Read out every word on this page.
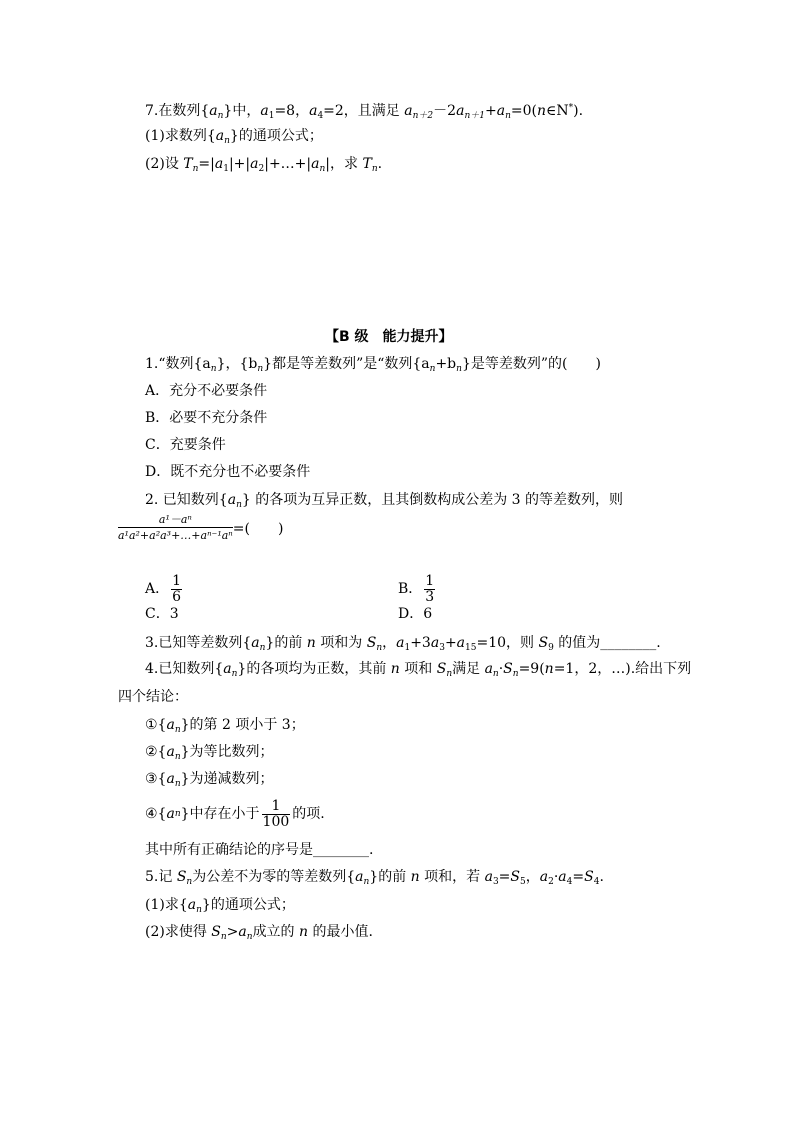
7.在数列$\{a_n\}$中，$a_1=8$，$a_4=2$，且满足 $a_{n+2}-2a_{n+1}+a_n=0(n\in N^*)$.
(1)求数列$\{a_n\}$的通项公式；
(2)设 $T_n=|a_1|+|a_2|+\dots+|a_n|$，求 $T_n$.
【B 级　能力提升】
1.“数列$\{a_n\}$，$\{b_n\}$都是等差数列”是“数列$\{a_n+b_n\}$是等差数列”的(　　)
A．充分不必要条件
B．必要不充分条件
C．充要条件
D．既不充分也不必要条件
2. 已知数列$\{a_n\}$ 的各项为互异正数，且其倒数构成公差为 3 的等差数列，则
$\frac{\text{a¹－aⁿ}}{\text{a¹a²+a²a³+…+aⁿ⁻¹aⁿ}}$ =(　　)
A． $\frac{1}{6}$	B． $\frac{1}{3}$
C．3	D．6
3.已知等差数列$\{a_n\}$的前 n 项和为 $S_n$，$a_1+3a_3+a_{15}=10$，则 $S_9$ 的值为________.
4.已知数列$\{a_n\}$的各项均为正数，其前 n 项和 $S_n$满足 $a_n\cdot S_n=9(n=1$，2，…).给出下列
四个结论：
$①\{a_n\}$的第 2 项小于 3；
$②\{a_n\}$为等比数列；
$③\{a_n\}$为递减数列；
④{ a n }中存在小于 $\frac{1}{100}$ 的项.
其中所有正确结论的序号是________.
5.记 $S_n$为公差不为零的等差数列$\{a_n\}$的前 n 项和，若 $a_3=S_5$，$a_2\cdot a_4=S_4$.
(1)求$\{a_n\}$的通项公式；
(2)求使得 $S_n>a_n$成立的 n 的最小值.
